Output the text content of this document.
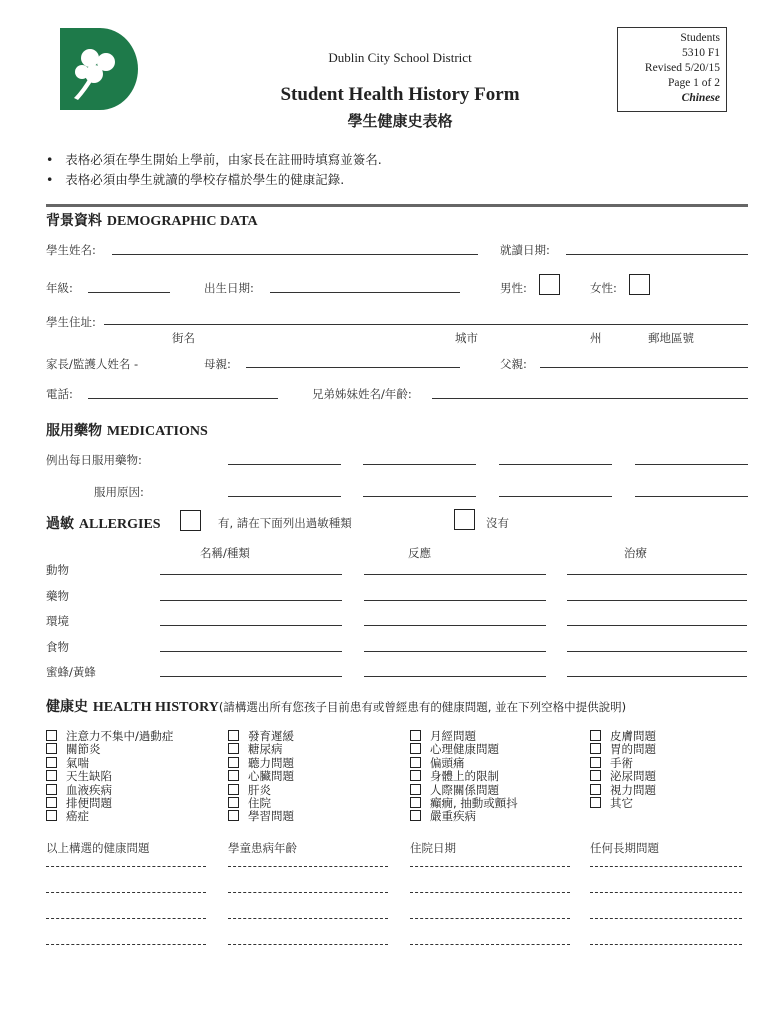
Dublin City School District
Student Health History Form
學生健康史表格
Students
5310 F1
Revised 5/20/15
Page 1 of 2
Chinese
•   表格必須在學生開始上學前，由家長在註冊時填寫並簽名.
•   表格必須由學生就讀的學校存檔於學生的健康記錄.
背景資料 DEMOGRAPHIC DATA
學生姓名:	就讀日期:
年級:	出生日期:	男性:	女性:
學生住址:
街名	城市	州	郵地區號
家長/監護人姓名 -	母親:	父親:
電話:	兄弟姊妹姓名/年齡:
服用藥物 MEDICATIONS
例出每日服用藥物:
服用原因:
過敏 ALLERGIES	有, 請在下面列出過敏種類	沒有
名稱/種類	反應	治療
動物
藥物
環境
食物
蜜蜂/黃蜂
健康史 HEALTH HISTORY(請構選出所有您孩子目前患有或曾經患有的健康問題, 並在下列空格中提供說明)
注意力不集中/過動症
關節炎
氣喘
天生缺陷
血液疾病
排便問題
癌症
發育遲緩
糖尿病
聽力問題
心臟問題
肝炎
住院
學習問題
月經問題
心理健康問題
偏頭痛
身體上的限制
人際關係問題
癲癇, 抽動或顫抖
嚴重疾病
皮膚問題
胃的問題
手術
泌尿問題
視力問題
其它
以上構選的健康問題	學童患病年齡	住院日期	任何長期問題
